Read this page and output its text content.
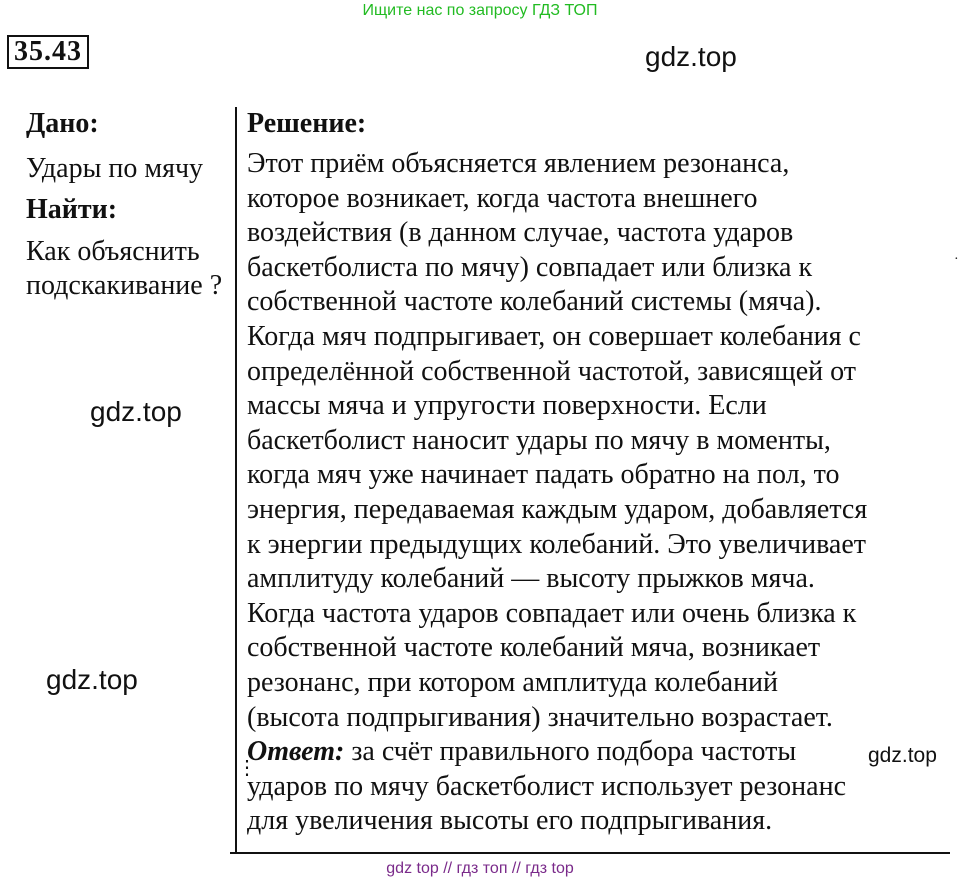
Ищите нас по запросу ГДЗ ТОП
35.43	gdz.top
gdz.top
gdz.top
gdz.top
Дано:
Удары по мячу
Найти:
Как объяснить подскакивание ?
Решение:
Этот приём объясняется явлением резонанса,
которое возникает, когда частота внешнего
воздействия (в данном случае, частота ударов
баскетболиста по мячу) совпадает или близка к
собственной частоте колебаний системы (мяча).
Когда мяч подпрыгивает, он совершает колебания с
определённой собственной частотой, зависящей от
массы мяча и упругости поверхности. Если
баскетболист наносит удары по мячу в моменты,
когда мяч уже начинает падать обратно на пол, то
энергия, передаваемая каждым ударом, добавляется
к энергии предыдущих колебаний. Это увеличивает
амплитуду колебаний — высоту прыжков мяча.
Когда частота ударов совпадает или очень близка к
собственной частоте колебаний мяча, возникает
резонанс, при котором амплитуда колебаний
(высота подпрыгивания) значительно возрастает.
Ответ: за счёт правильного подбора частоты
ударов по мячу баскетболист использует резонанс
для увеличения высоты его подпрыгивания.
⋮
·
gdz top // гдз топ // гдз top
